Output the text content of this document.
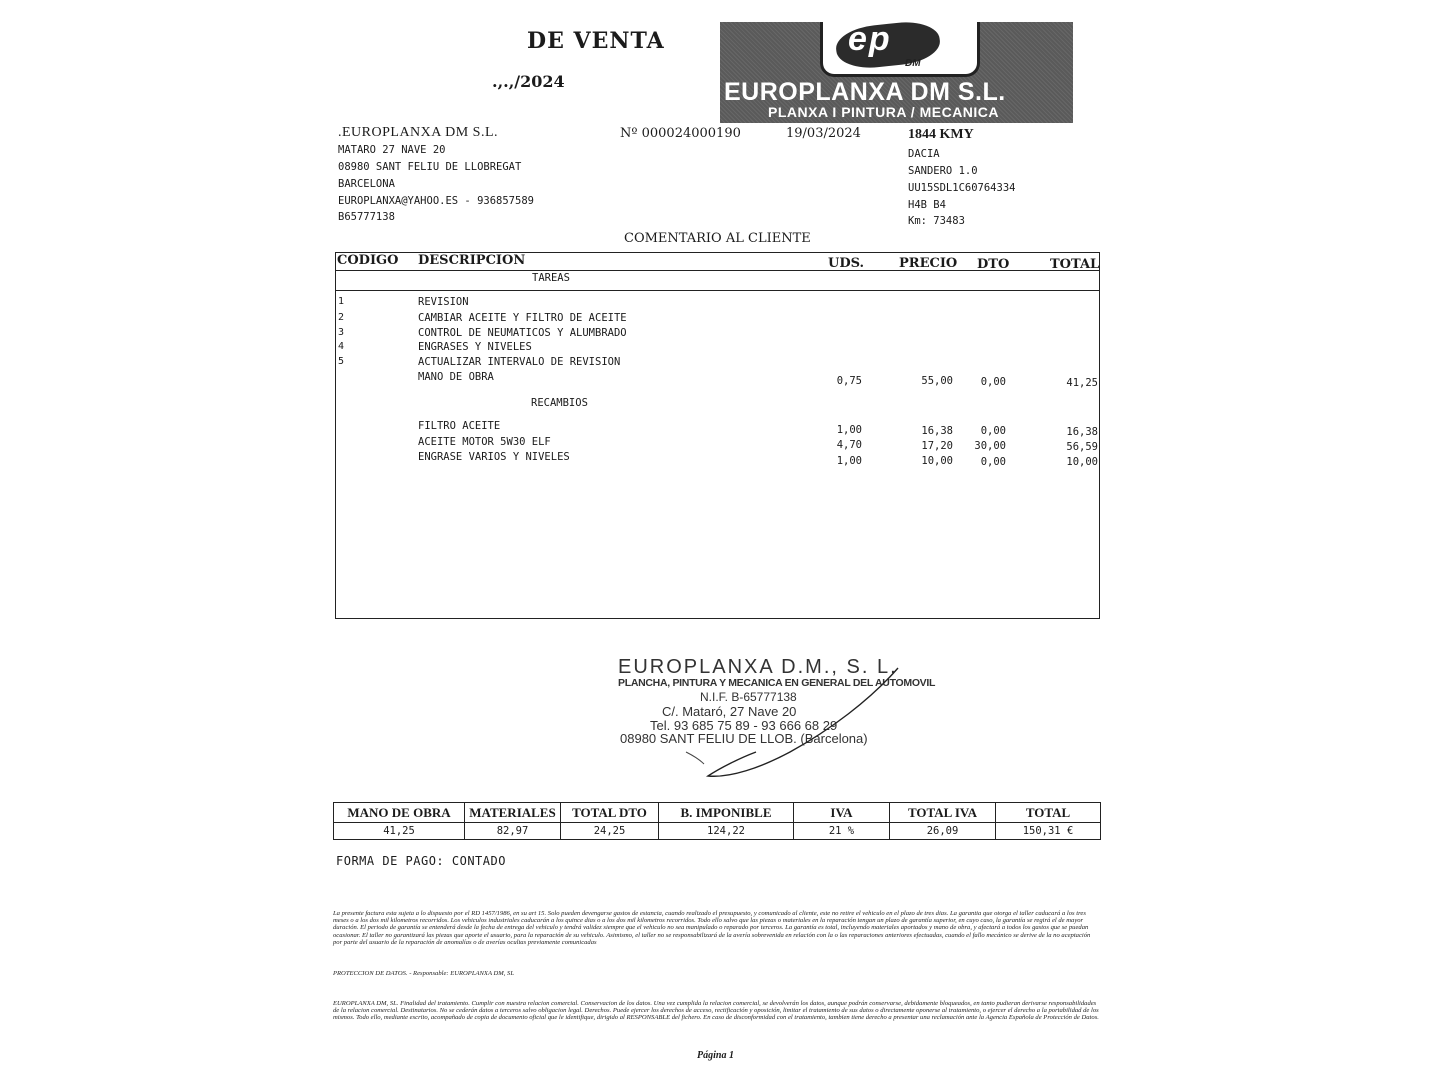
DE VENTA
.,.,/2024
ep
DM
EUROPLANXA DM S.L.
PLANXA I PINTURA / MECANICA
.EUROPLANXA DM S.L.
MATARO 27 NAVE 20
08980 SANT FELIU DE LLOBREGAT
BARCELONA
EUROPLANXA@YAHOO.ES - 936857589
B65777138
Nº 000024000190	19/03/2024	1844 KMY
DACIA
SANDERO 1.0
UU15SDL1C60764334
H4B B4
Km: 73483
COMENTARIO AL CLIENTE
CODIGO DESCRIPCION	UDS.	PRECIO DTO	TOTAL
TAREAS
1	REVISION
2	CAMBIAR ACEITE Y FILTRO DE ACEITE
3	CONTROL DE NEUMATICOS Y ALUMBRADO
4	ENGRASES Y NIVELES
5	ACTUALIZAR INTERVALO DE REVISION
MANO DE OBRA	0,75	55,00	0,00	41,25
RECAMBIOS
FILTRO ACEITE	1,00	16,38	0,00	16,38
ACEITE MOTOR 5W30 ELF	4,70	17,20	30,00	56,59
ENGRASE VARIOS Y NIVELES	1,00	10,00	0,00	10,00
EUROPLANXA D.M., S. L.
PLANCHA, PINTURA Y MECANICA EN GENERAL DEL AUTOMOVIL
N.I.F. B-65777138
C/. Mataró, 27 Nave 20
Tel. 93 685 75 89 - 93 666 68 29
08980 SANT FELIU DE LLOB. (Barcelona)
MANO DE OBRA	MATERIALES	TOTAL DTO	B. IMPONIBLE	IVA	TOTAL IVA	TOTAL
41,25	82,97	24,25	124,22	21 %	26,09	150,31 €
FORMA DE PAGO: CONTADO
La presente factura esta sujeta a lo dispuesto por el RD 1457/1986, en su art 15. Solo pueden devengarse gastos de estancia, cuando realizado el presupuesto, y comunicado al cliente, este no retire el vehiculo en el plazo de tres dias. La garantia que otorga el taller caducará a los tres meses o a los dos mil kilometros recorridos. Los vehiculos industriales caducarán a los quince dias o a los dos mil kilometros recorridos. Todo ello salvo que las piezas o materiales en la reparación tengan un plazo de garantía superior, en cuyo caso, la garantía se regirá el de mayor duración. El periodo de garantía se entenderá desde la fecha de entrega del vehiculo y tendrá validez siempre que el vehiculo no sea manipulado o reparado por terceros. La garantía es total, incluyendo materiales aportados y mano de obra, y afectará a todos los gastos que se puedan ocasionar. El taller no garantizará las piezas que aporte el usuario, para la reparación de su vehiculo. Asimismo, el taller no se responsabilizará de la avería sobrevenida en relación con la o las reparaciones anteriores efectuadas, cuando el fallo mecánico se derive de la no aceptación por parte del usuario de la reparación de anomalías o de averías ocultas previamente comunicadas
PROTECCION DE DATOS. - Responsable: EUROPLANXA DM, SL
EUROPLANXA DM, SL. Finalidad del tratamiento. Cumplir con nuestra relacion comercial. Conservacion de los datos. Una vez cumplida la relacion comercial, se devolverán los datos, aunque podrán conservarse, debidamente bloqueados, en tanto pudieran derivarse responsabilidades de la relacion comercial. Destinatarios. No se cederán datos a terceros salvo obligacion legal. Derechos. Puede ejercer los derechos de acceso, rectificación y oposición, limitar el tratamiento de sus datos o directamente oponerse al tratamiento, o ejercer el derecho a la portabilidad de los mismos. Todo ello, mediante escrito, acompañado de copia de documento oficial que le identifique, dirigido al RESPONSABLE del fichero. En caso de disconformidad con el tratamiento, tambien tiene derecho a presentar una reclamación ante la Agencia Española de Protección de Datos.
Página 1
